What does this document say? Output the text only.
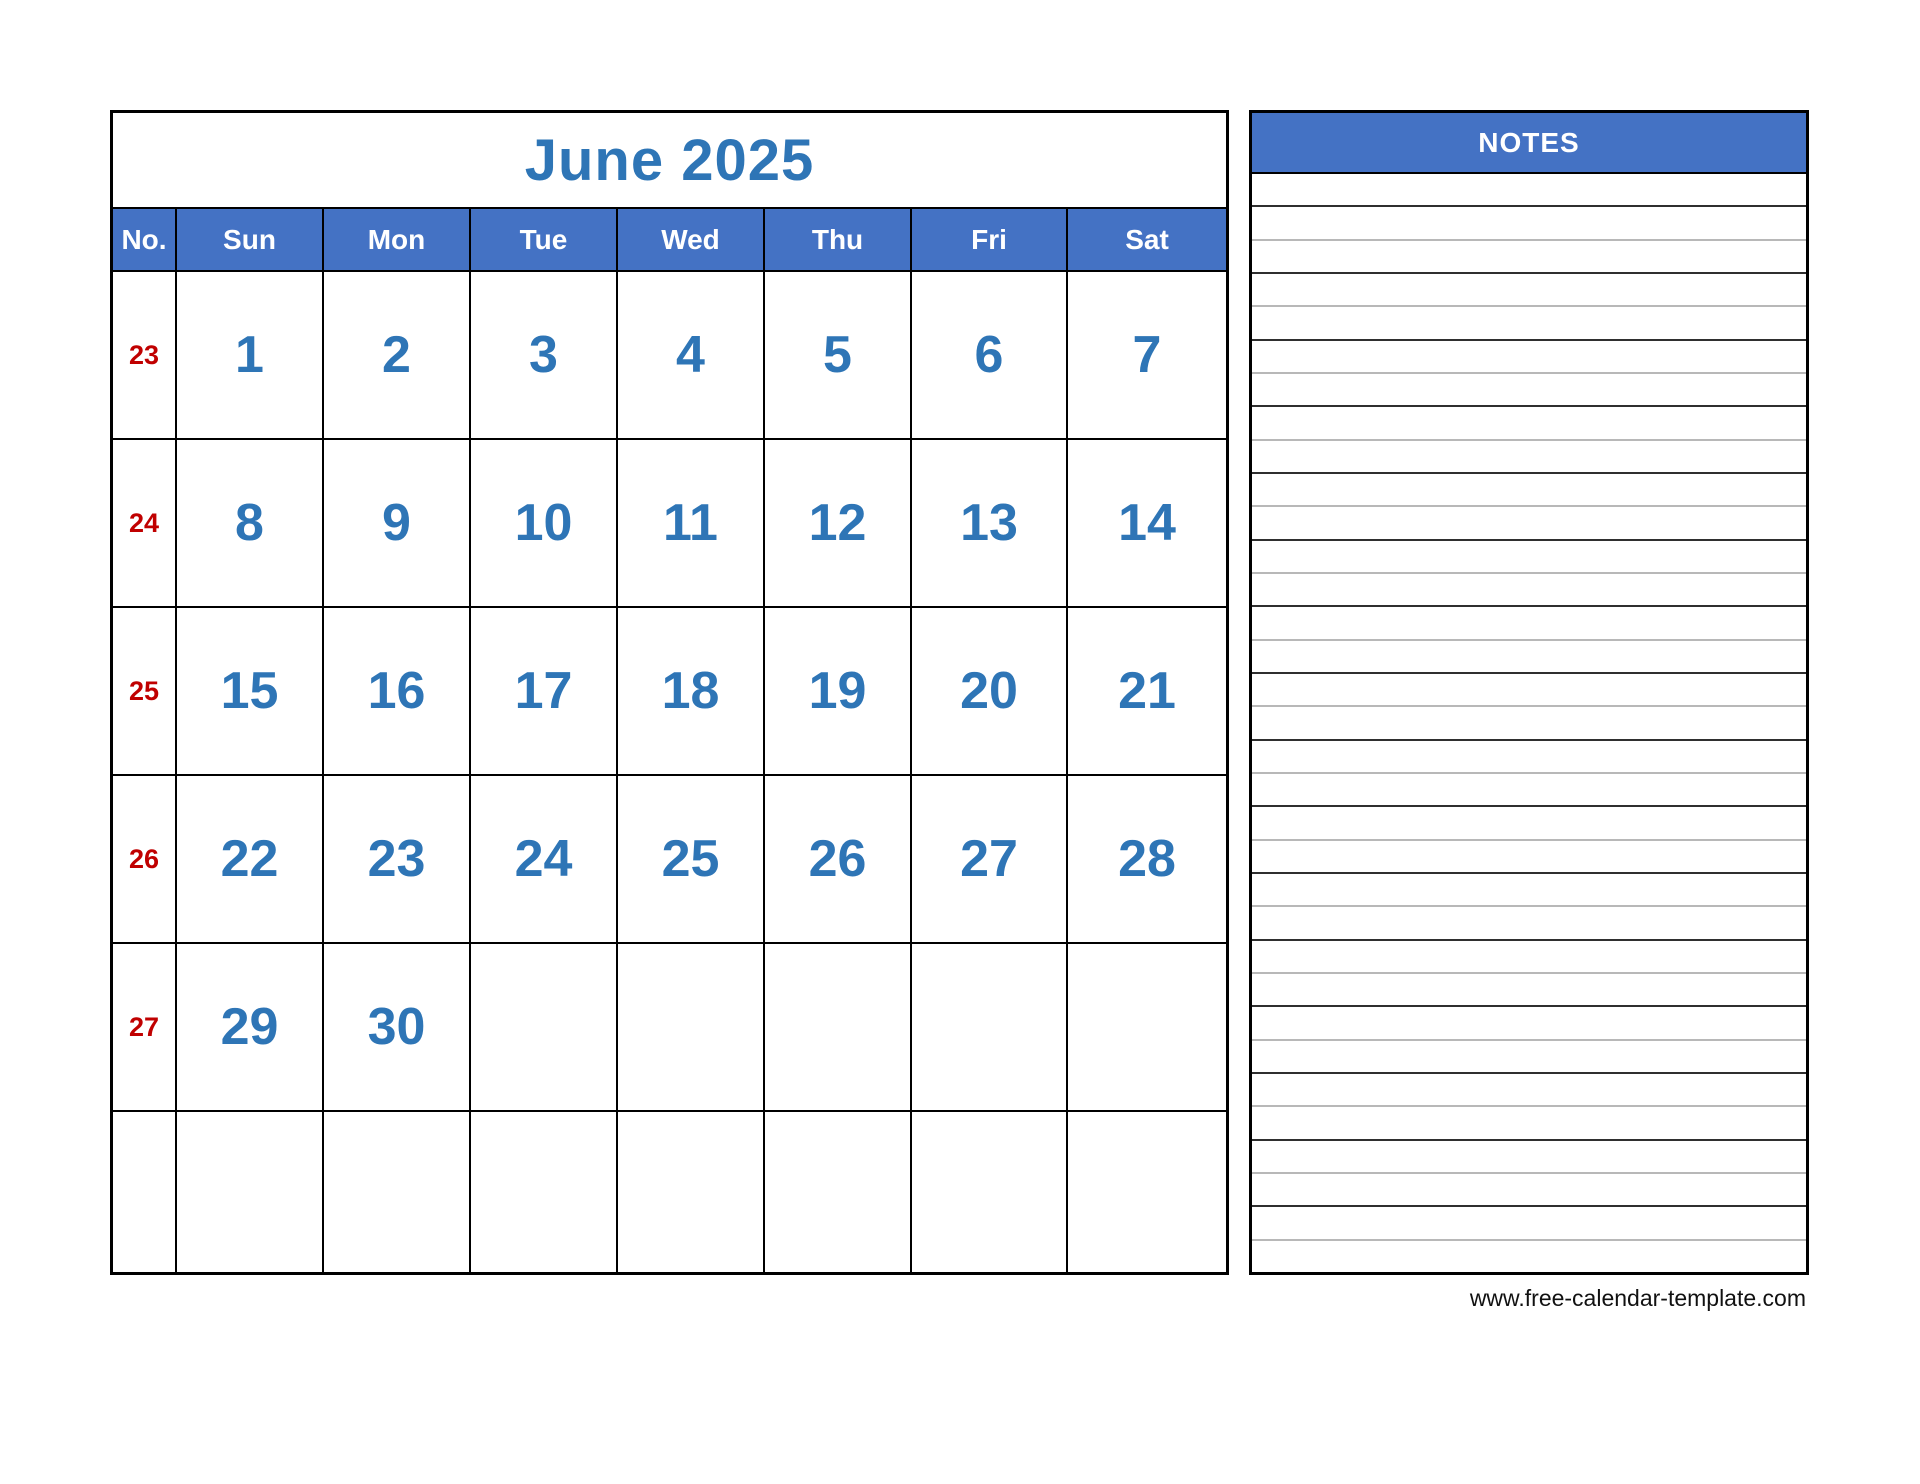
June 2025
No.	Sun	Mon	Tue	Wed	Thu	Fri	Sat
23	1	2	3	4	5	6	7
24	8	9	10	11	12	13	14
25	15	16	17	18	19	20	21
26	22	23	24	25	26	27	28
27	29	30
NOTES
www.free-calendar-template.com
